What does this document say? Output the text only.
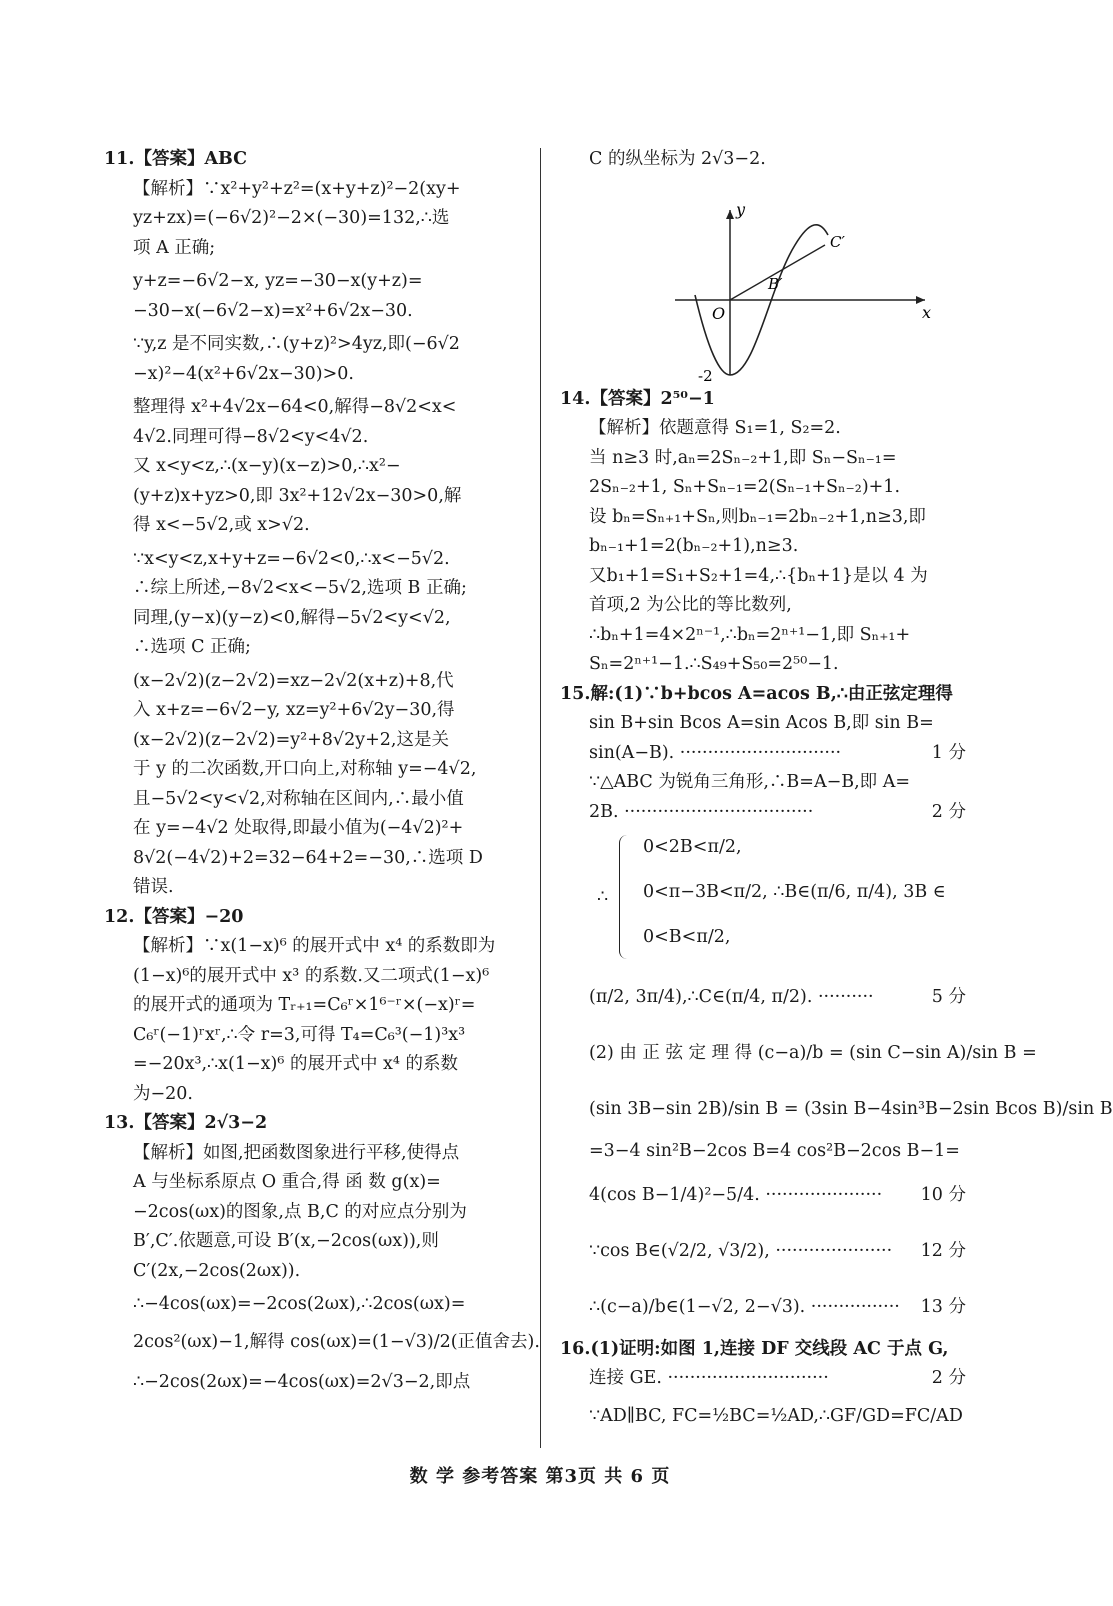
11.【答案】ABC
【解析】∵x²+y²+z²=(x+y+z)²−2(xy+
yz+zx)=(−6√2)²−2×(−30)=132,∴选
项 A 正确;
y+z=−6√2−x, yz=−30−x(y+z)=
−30−x(−6√2−x)=x²+6√2x−30.
∵y,z 是不同实数,∴(y+z)²>4yz,即(−6√2
−x)²−4(x²+6√2x−30)>0.
整理得 x²+4√2x−64<0,解得−8√2<x<
4√2.同理可得−8√2<y<4√2.
又 x<y<z,∴(x−y)(x−z)>0,∴x²−
(y+z)x+yz>0,即 3x²+12√2x−30>0,解
得 x<−5√2,或 x>√2.
∵x<y<z,x+y+z=−6√2<0,∴x<−5√2.
∴综上所述,−8√2<x<−5√2,选项 B 正确;
同理,(y−x)(y−z)<0,解得−5√2<y<√2,
∴选项 C 正确;
(x−2√2)(z−2√2)=xz−2√2(x+z)+8,代
入 x+z=−6√2−y, xz=y²+6√2y−30,得
(x−2√2)(z−2√2)=y²+8√2y+2,这是关
于 y 的二次函数,开口向上,对称轴 y=−4√2,
且−5√2<y<√2,对称轴在区间内,∴最小值
在 y=−4√2 处取得,即最小值为(−4√2)²+
8√2(−4√2)+2=32−64+2=−30,∴选项 D
错误.
12.【答案】−20
【解析】∵x(1−x)⁶ 的展开式中 x⁴ 的系数即为
(1−x)⁶的展开式中 x³ 的系数.又二项式(1−x)⁶
的展开式的通项为 Tᵣ₊₁=C₆ʳ×1⁶⁻ʳ×(−x)ʳ=
C₆ʳ(−1)ʳxʳ,∴令 r=3,可得 T₄=C₆³(−1)³x³
=−20x³,∴x(1−x)⁶ 的展开式中 x⁴ 的系数
为−20.
13.【答案】2√3−2
【解析】如图,把函数图象进行平移,使得点
A 与坐标系原点 O 重合,得 函 数 g(x)=
−2cos(ωx)的图象,点 B,C 的对应点分别为
B′,C′.依题意,可设 B′(x,−2cos(ωx)),则
C′(2x,−2cos(2ωx)).
∴−4cos(ωx)=−2cos(2ωx),∴2cos(ωx)=
2cos²(ωx)−1,解得 cos(ωx)=(1−√3)/2(正值舍去).
∴−2cos(2ωx)=−4cos(ωx)=2√3−2,即点
C 的纵坐标为 2√3−2.
y
x
O
B′
C′
-2
14.【答案】2⁵⁰−1
【解析】依题意得 S₁=1, S₂=2.
当 n≥3 时,aₙ=2Sₙ₋₂+1,即 Sₙ−Sₙ₋₁=
2Sₙ₋₂+1, Sₙ+Sₙ₋₁=2(Sₙ₋₁+Sₙ₋₂)+1.
设 bₙ=Sₙ₊₁+Sₙ,则bₙ₋₁=2bₙ₋₂+1,n≥3,即
bₙ₋₁+1=2(bₙ₋₂+1),n≥3.
又b₁+1=S₁+S₂+1=4,∴{bₙ+1}是以 4 为
首项,2 为公比的等比数列,
∴bₙ+1=4×2ⁿ⁻¹,∴bₙ=2ⁿ⁺¹−1,即 Sₙ₊₁+
Sₙ=2ⁿ⁺¹−1.∴S₄₉+S₅₀=2⁵⁰−1.
15.解:(1)∵b+bcos A=acos B,∴由正弦定理得
sin B+sin Bcos A=sin Acos B,即 sin B=
sin(A−B). ·····························	1 分
∵△ABC 为锐角三角形,∴B=A−B,即 A=
2B. ··································	2 分
∴
0<2B<π/2,
0<π−3B<π/2, ∴B∈(π/6, π/4), 3B ∈
0<B<π/2,
(π/2, 3π/4),∴C∈(π/4, π/2). ··········	5 分
(2) 由 正 弦 定 理 得 (c−a)/b = (sin C−sin A)/sin B =
(sin 3B−sin 2B)/sin B = (3sin B−4sin³B−2sin Bcos B)/sin B
=3−4 sin²B−2cos B=4 cos²B−2cos B−1=
4(cos B−1/4)²−5/4. ····················· 10 分
∵cos B∈(√2/2, √3/2), ····················· 12 分
∴(c−a)/b∈(1−√2, 2−√3). ················ 13 分
16.(1)证明:如图 1,连接 DF 交线段 AC 于点 G,
连接 GE. ·····························	2 分
∵AD∥BC, FC=½BC=½AD,∴GF/GD=FC/AD
数 学 参考答案 第3页 共 6 页
